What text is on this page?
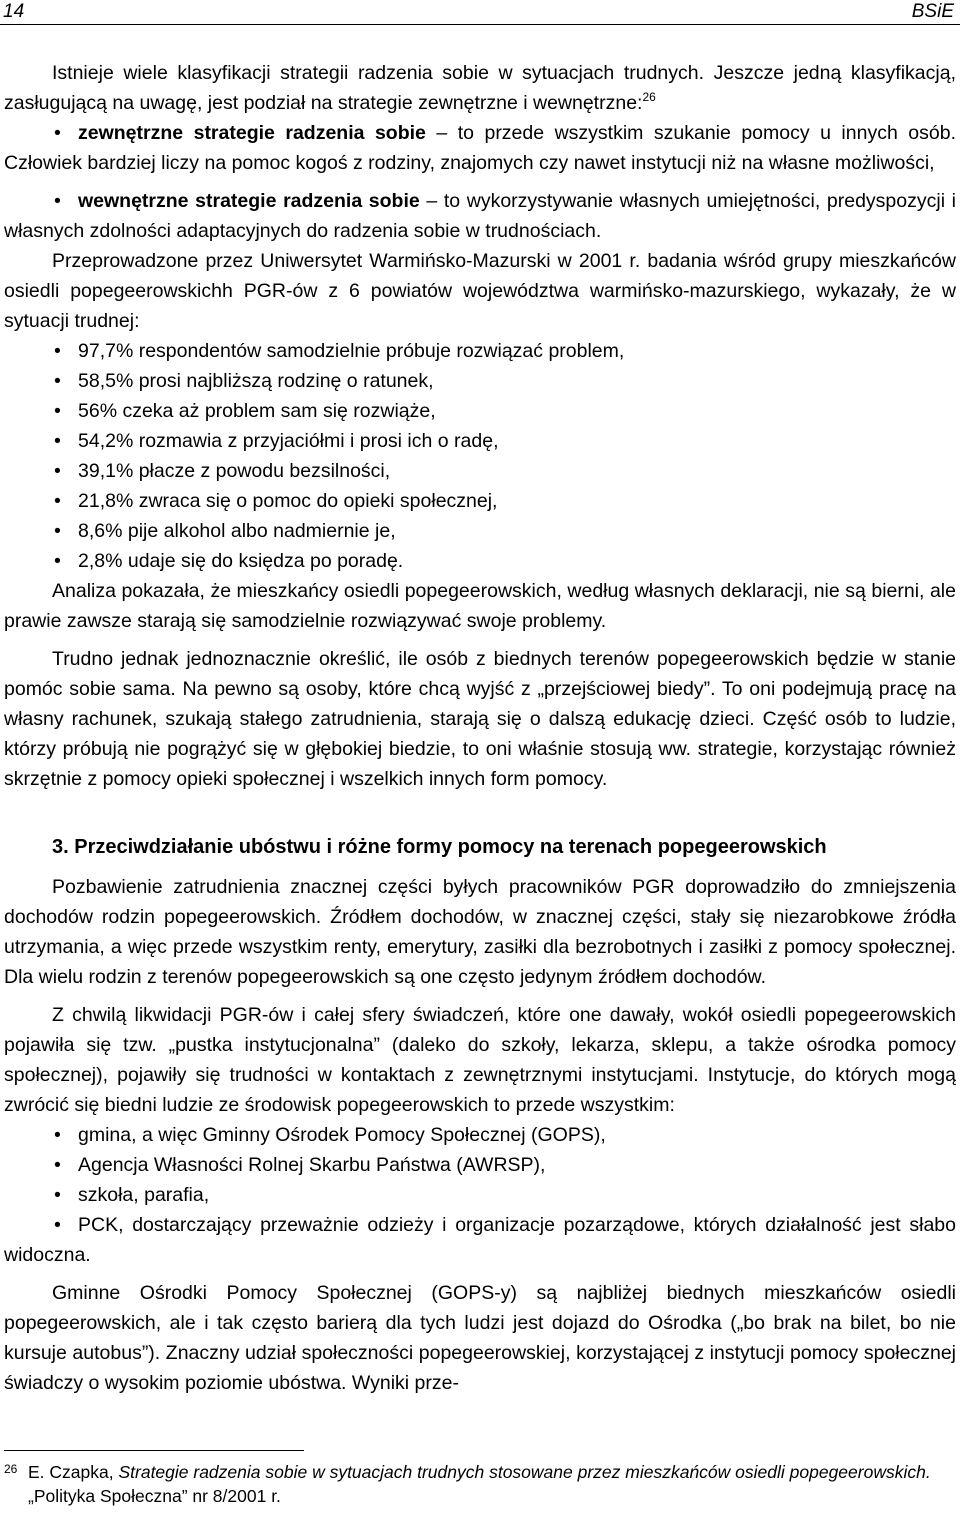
14	BSiE

Istnieje wiele klasyfikacji strategii radzenia sobie w sytuacjach trudnych. Jeszcze jedną klasyfikacją, zasługującą na uwagę, jest podział na strategie zewnętrzne i wewnętrzne:$^{26}$

• zewnętrzne strategie radzenia sobie – to przede wszystkim szukanie pomocy u innych osób. Człowiek bardziej liczy na pomoc kogoś z rodziny, znajomych czy nawet instytucji niż na własne możliwości,
• wewnętrzne strategie radzenia sobie – to wykorzystywanie własnych umiejętności, predyspozycji i własnych zdolności adaptacyjnych do radzenia sobie w trudnościach.

Przeprowadzone przez Uniwersytet Warmińsko-Mazurski w 2001 r. badania wśród grupy mieszkańców osiedli popegeerowskichh PGR-ów z 6 powiatów województwa warmińsko-mazurskiego, wykazały, że w sytuacji trudnej:

• 97,7% respondentów samodzielnie próbuje rozwiązać problem,
• 58,5% prosi najbliższą rodzinę o ratunek,
• 56% czeka aż problem sam się rozwiąże,
• 54,2% rozmawia z przyjaciółmi i prosi ich o radę,
• 39,1% płacze z powodu bezsilności,
• 21,8% zwraca się o pomoc do opieki społecznej,
• 8,6% pije alkohol albo nadmiernie je,
• 2,8% udaje się do księdza po poradę.

Analiza pokazała, że mieszkańcy osiedli popegeerowskich, według własnych deklaracji, nie są bierni, ale prawie zawsze starają się samodzielnie rozwiązywać swoje problemy.

Trudno jednak jednoznacznie określić, ile osób z biednych terenów popegeerowskich będzie w stanie pomóc sobie sama. Na pewno są osoby, które chcą wyjść z „przejściowej biedy”. To oni podejmują pracę na własny rachunek, szukają stałego zatrudnienia, starają się o dalszą edukację dzieci. Część osób to ludzie, którzy próbują nie pogrążyć się w głębokiej biedzie, to oni właśnie stosują ww. strategie, korzystając również skrzętnie z pomocy opieki społecznej i wszelkich innych form pomocy.

3. Przeciwdziałanie ubóstwu i różne formy pomocy na terenach popegeerowskich

Pozbawienie zatrudnienia znacznej części byłych pracowników PGR doprowadziło do zmniejszenia dochodów rodzin popegeerowskich. Źródłem dochodów, w znacznej części, stały się niezarobkowe źródła utrzymania, a więc przede wszystkim renty, emerytury, zasiłki dla bezrobotnych i zasiłki z pomocy społecznej. Dla wielu rodzin z terenów popegeerowskich są one często jedynym źródłem dochodów.

Z chwilą likwidacji PGR-ów i całej sfery świadczeń, które one dawały, wokół osiedli popegeerowskich pojawiła się tzw. „pustka instytucjonalna” (daleko do szkoły, lekarza, sklepu, a także ośrodka pomocy społecznej), pojawiły się trudności w kontaktach z zewnętrznymi instytucjami. Instytucje, do których mogą zwrócić się biedni ludzie ze środowisk popegeerowskich to przede wszystkim:

• gmina, a więc Gminny Ośrodek Pomocy Społecznej (GOPS),
• Agencja Własności Rolnej Skarbu Państwa (AWRSP),
• szkoła, parafia,
• PCK, dostarczający przeważnie odzieży i organizacje pozarządowe, których działalność jest słabo widoczna.

Gminne Ośrodki Pomocy Społecznej (GOPS-y) są najbliżej biednych mieszkańców osiedli popegeerowskich, ale i tak często barierą dla tych ludzi jest dojazd do Ośrodka („bo brak na bilet, bo nie kursuje autobus”). Znaczny udział społeczności popegeerowskiej, korzystającej z instytucji pomocy społecznej świadczy o wysokim poziomie ubóstwa. Wyniki prze-

26 E. Czapka, Strategie radzenia sobie w sytuacjach trudnych stosowane przez mieszkańców osiedli popegeerowskich. „Polityka Społeczna” nr 8/2001 r.
